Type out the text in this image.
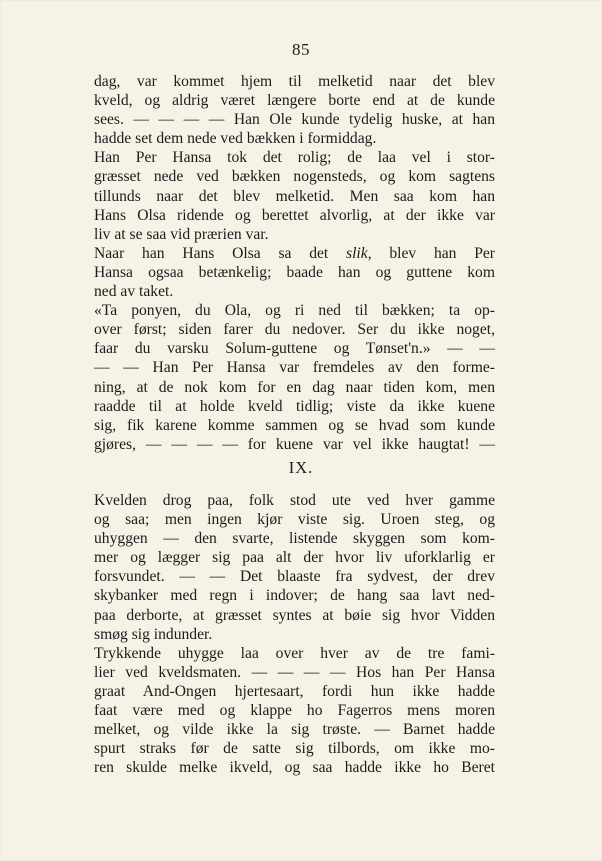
85
dag, var kommet hjem til melketid naar det blev
kveld, og aldrig været længere borte end at de kunde
sees. — — — — Han Ole kunde tydelig huske, at han
hadde set dem nede ved bækken i formiddag.
Han Per Hansa tok det rolig; de laa vel i stor-
græsset nede ved bækken nogensteds, og kom sagtens
tillunds naar det blev melketid. Men saa kom han
Hans Olsa ridende og berettet alvorlig, at der ikke var
liv at se saa vid prærien var.
Naar han Hans Olsa sa det slik, blev han Per
Hansa ogsaa betænkelig; baade han og guttene kom
ned av taket.
«Ta ponyen, du Ola, og ri ned til bækken; ta op-
over først; siden farer du nedover. Ser du ikke noget,
faar du varsku Solum-guttene og Tønset'n.» — —
— — Han Per Hansa var fremdeles av den forme-
ning, at de nok kom for en dag naar tiden kom, men
raadde til at holde kveld tidlig; viste da ikke kuene
sig, fik karene komme sammen og se hvad som kunde
gjøres, — — — — for kuene var vel ikke haugtat! —
IX.
Kvelden drog paa, folk stod ute ved hver gamme
og saa; men ingen kjør viste sig. Uroen steg, og
uhyggen — den svarte, listende skyggen som kom-
mer og lægger sig paa alt der hvor liv uforklarlig er
forsvundet. — — Det blaaste fra sydvest, der drev
skybanker med regn i indover; de hang saa lavt ned-
paa derborte, at græsset syntes at bøie sig hvor Vidden
smøg sig indunder.
Trykkende uhygge laa over hver av de tre fami-
lier ved kveldsmaten. — — — — Hos han Per Hansa
graat And-Ongen hjertesaart, fordi hun ikke hadde
faat være med og klappe ho Fagerros mens moren
melket, og vilde ikke la sig trøste. — Barnet hadde
spurt straks før de satte sig tilbords, om ikke mo-
ren skulde melke ikveld, og saa hadde ikke ho Beret
